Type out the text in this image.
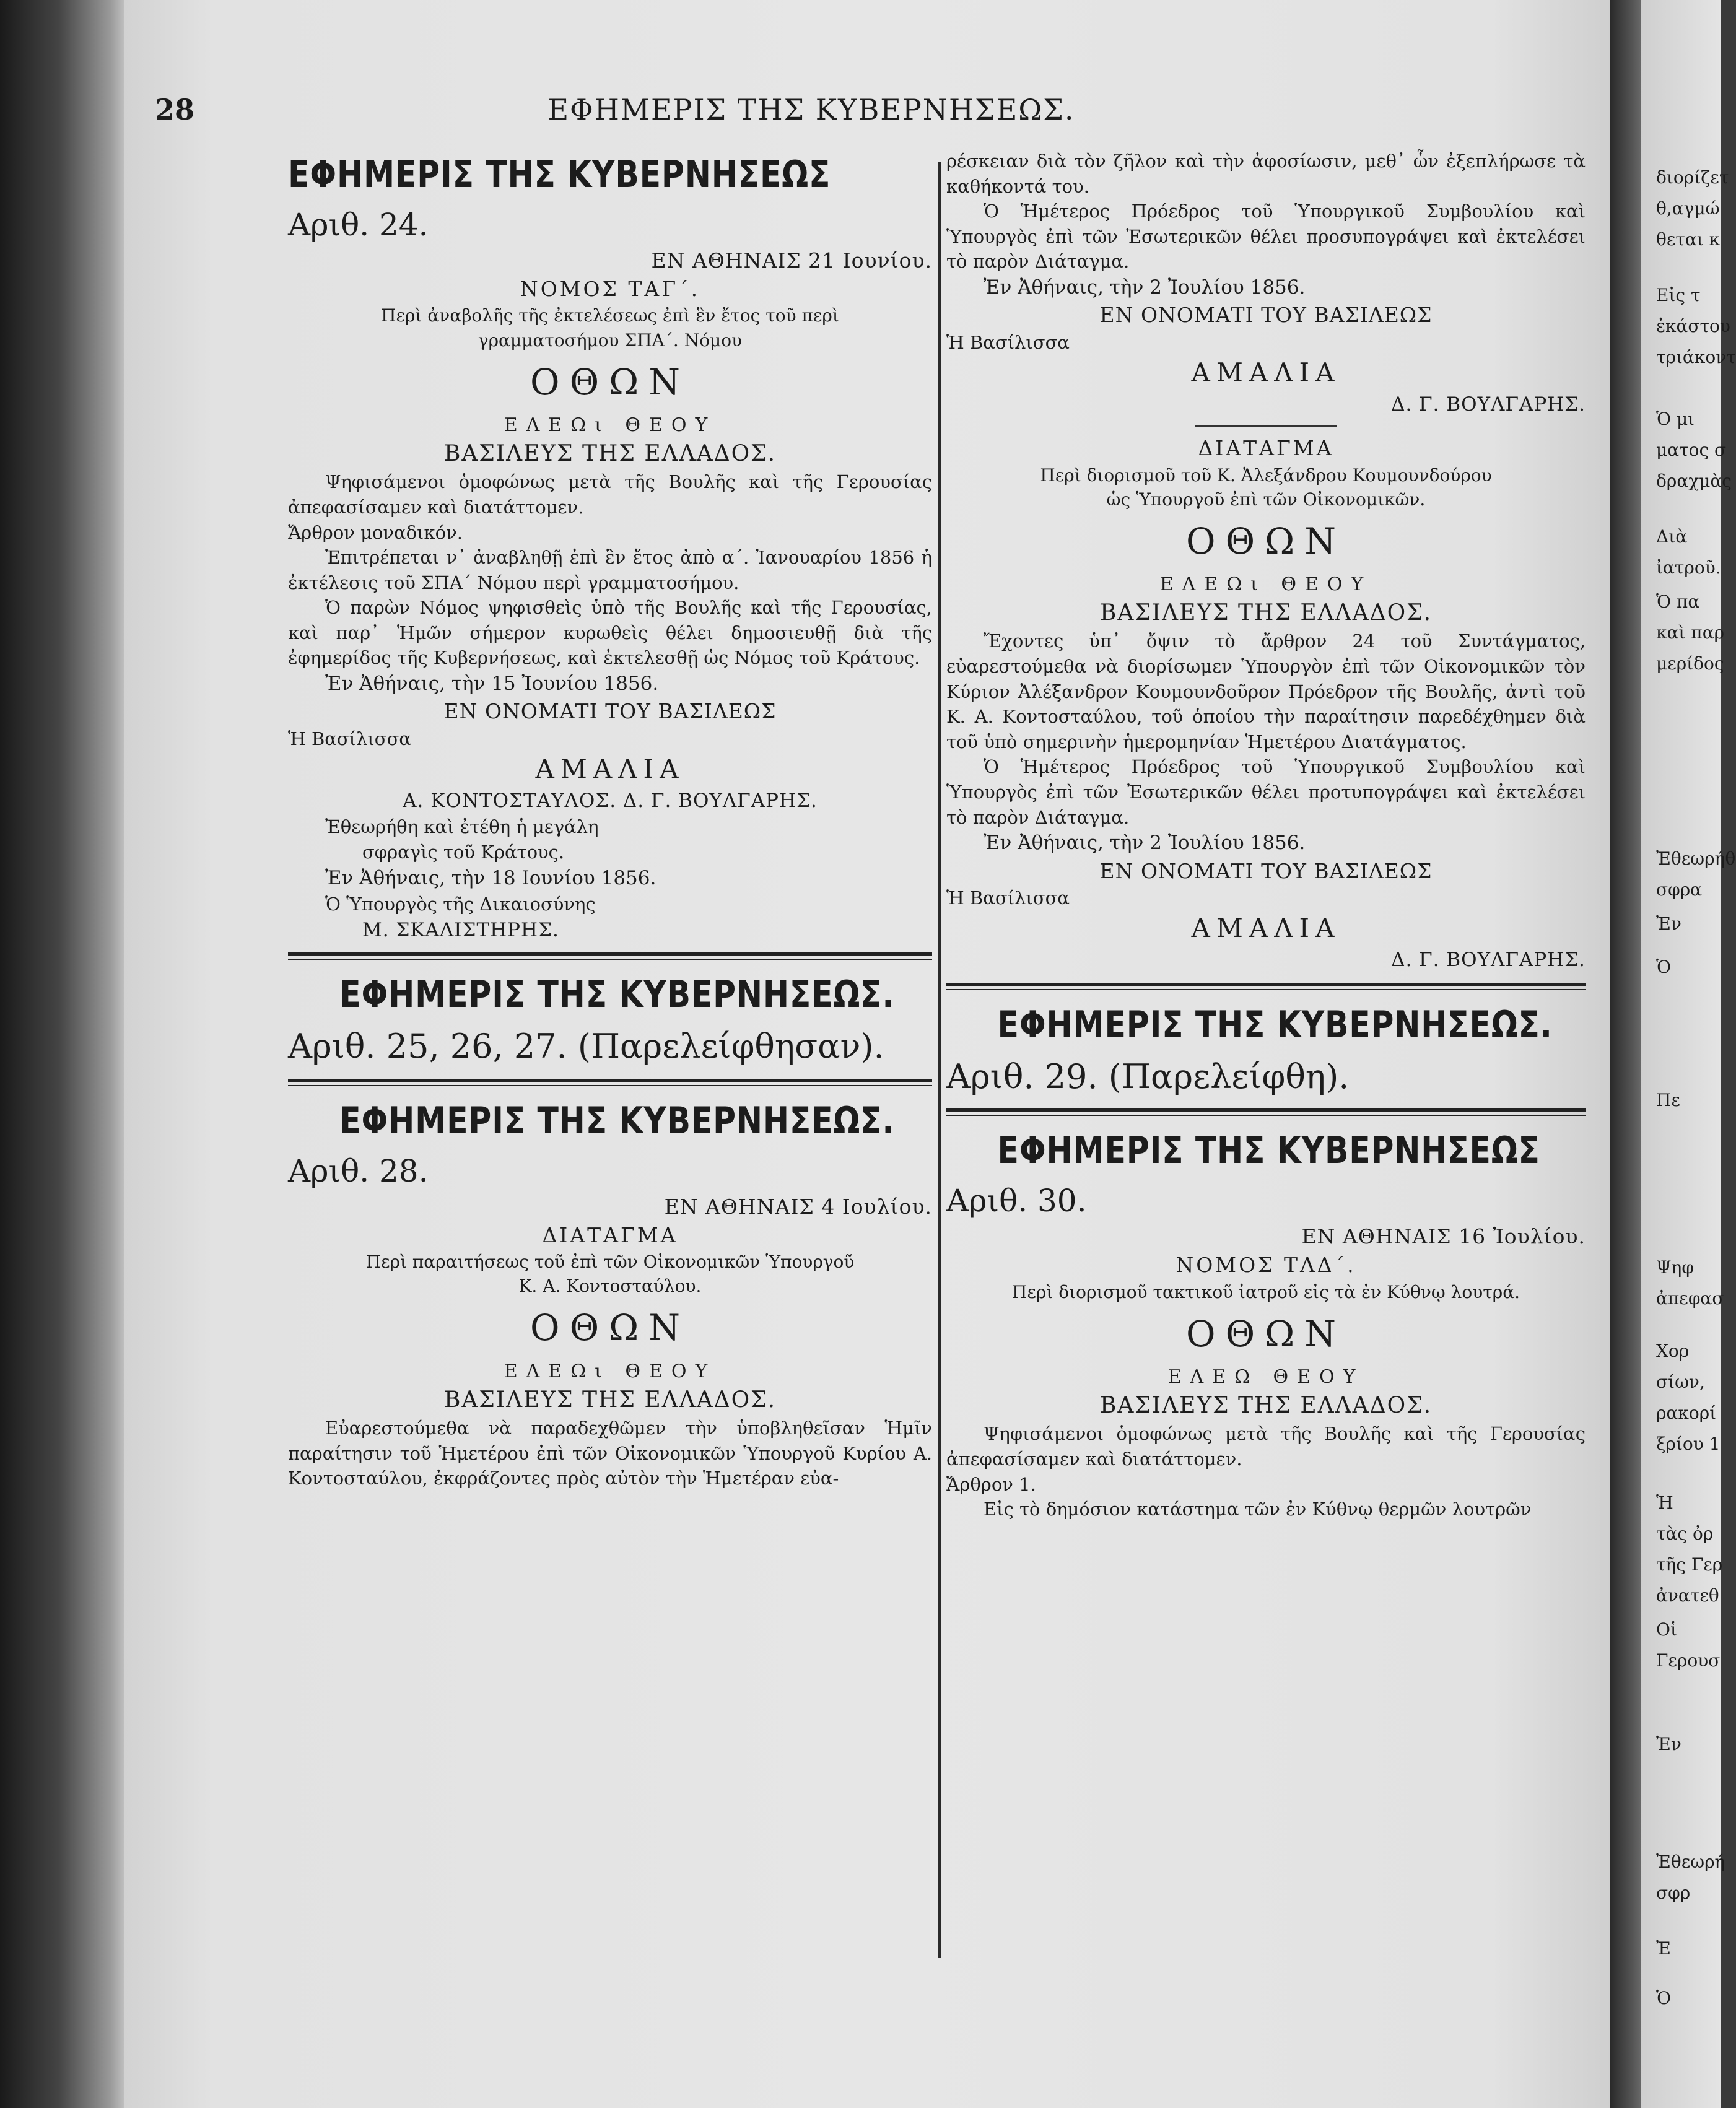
28	ΕΦΗΜΕΡΙΣ ΤΗΣ ΚΥΒΕΡΝΗΣΕΩΣ.
ΕΦΗΜΕΡΙΣ ΤΗΣ ΚΥΒΕΡΝΗΣΕΩΣ
Αριθ. 24.
ΕΝ ΑΘΗΝΑΙΣ 21 Ιουνίου.
ΝΟΜΟΣ ΤΑΓ΄.
Περὶ ἀναβολῆς τῆς ἐκτελέσεως ἐπὶ ἓν ἔτος τοῦ περὶ
γραμματοσήμου ΣΠΑ΄. Νόμου
ΟΘΩΝ
ΕΛΕΩι ΘΕΟΥ
ΒΑΣΙΛΕΥΣ ΤΗΣ ΕΛΛΑΔΟΣ.
Ψηφισάμενοι ὁμοφώνως μετὰ τῆς Βουλῆς καὶ τῆς Γερουσίας ἀπεφασίσαμεν καὶ διατάττομεν.
Ἄρθρον μοναδικόν.
Ἐπιτρέπεται ν᾽ ἀναβληθῇ ἐπὶ ἓν ἔτος ἀπὸ α΄. Ἰανουαρίου 1856 ἡ ἐκτέλεσις τοῦ ΣΠΑ΄ Νόμου περὶ γραμματοσήμου.
Ὁ παρὼν Νόμος ψηφισθεὶς ὑπὸ τῆς Βουλῆς καὶ τῆς Γερουσίας, καὶ παρ᾽ Ἡμῶν σήμερον κυρωθεὶς θέλει δημοσιευθῇ διὰ τῆς ἐφημερίδος τῆς Κυβερνήσεως, καὶ ἐκτελεσθῇ ὡς Νόμος τοῦ Κράτους.
Ἐν Ἀθήναις, τὴν 15 Ἰουνίου 1856.
ΕΝ ΟΝΟΜΑΤΙ ΤΟΥ ΒΑΣΙΛΕΩΣ
Ἡ Βασίλισσα
ΑΜΑΛΙΑ
Α. ΚΟΝΤΟΣΤΑΥΛΟΣ. Δ. Γ. ΒΟΥΛΓΑΡΗΣ.
Ἐθεωρήθη καὶ ἐτέθη ἡ μεγάλη
σφραγὶς τοῦ Κράτους.
Ἐν Ἀθήναις, τὴν 18 Ιουνίου 1856.
Ὁ Ὑπουργὸς τῆς Δικαιοσύνης
Μ. ΣΚΑΛΙΣΤΗΡΗΣ.
ΕΦΗΜΕΡΙΣ ΤΗΣ ΚΥΒΕΡΝΗΣΕΩΣ.
Αριθ. 25, 26, 27. (Παρελείφθησαν).
ΕΦΗΜΕΡΙΣ ΤΗΣ ΚΥΒΕΡΝΗΣΕΩΣ.
Αριθ. 28.
ΕΝ ΑΘΗΝΑΙΣ 4 Ιουλίου.
ΔΙΑΤΑΓΜΑ
Περὶ παραιτήσεως τοῦ ἐπὶ τῶν Οἰκονομικῶν Ὑπουργοῦ
Κ. Α. Κοντοσταύλου.
ΟΘΩΝ
ΕΛΕΩι ΘΕΟΥ
ΒΑΣΙΛΕΥΣ ΤΗΣ ΕΛΛΑΔΟΣ.
Εὐαρεστούμεθα νὰ παραδεχθῶμεν τὴν ὑποβληθεῖσαν Ἡμῖν παραίτησιν τοῦ Ἡμετέρου ἐπὶ τῶν Οἰκονομικῶν Ὑπουργοῦ Κυρίου Α. Κοντοσταύλου, ἐκφράζοντες πρὸς αὐτὸν τὴν Ἡμετέραν εὐα-
ρέσκειαν διὰ τὸν ζῆλον καὶ τὴν ἀφοσίωσιν, μεθ᾽ ὧν ἐξεπλήρωσε τὰ καθήκοντά του.
Ὁ Ἡμέτερος Πρόεδρος τοῦ Ὑπουργικοῦ Συμβουλίου καὶ Ὑπουργὸς ἐπὶ τῶν Ἐσωτερικῶν θέλει προσυπογράψει καὶ ἐκτελέσει τὸ παρὸν Διάταγμα.
Ἐν Ἀθήναις, τὴν 2 Ἰουλίου 1856.
ΕΝ ΟΝΟΜΑΤΙ ΤΟΥ ΒΑΣΙΛΕΩΣ
Ἡ Βασίλισσα
ΑΜΑΛΙΑ
Δ. Γ. ΒΟΥΛΓΑΡΗΣ.
ΔΙΑΤΑΓΜΑ
Περὶ διορισμοῦ τοῦ Κ. Ἀλεξάνδρου Κουμουνδούρου
ὡς Ὑπουργοῦ ἐπὶ τῶν Οἰκονομικῶν.
ΟΘΩΝ
ΕΛΕΩι ΘΕΟΥ
ΒΑΣΙΛΕΥΣ ΤΗΣ ΕΛΛΑΔΟΣ.
Ἔχοντες ὑπ᾽ ὄψιν τὸ ἄρθρον 24 τοῦ Συντάγματος, εὐαρεστούμεθα νὰ διορίσωμεν Ὑπουργὸν ἐπὶ τῶν Οἰκονομικῶν τὸν Κύριον Ἀλέξανδρον Κουμουνδοῦρον Πρόεδρον τῆς Βουλῆς, ἀντὶ τοῦ Κ. Α. Κοντοσταύλου, τοῦ ὁποίου τὴν παραίτησιν παρεδέχθημεν διὰ τοῦ ὑπὸ σημερινὴν ἡμερομηνίαν Ἡμετέρου Διατάγματος.
Ὁ Ἡμέτερος Πρόεδρος τοῦ Ὑπουργικοῦ Συμβουλίου καὶ Ὑπουργὸς ἐπὶ τῶν Ἐσωτερικῶν θέλει προτυπογράψει καὶ ἐκτελέσει τὸ παρὸν Διάταγμα.
Ἐν Ἀθήναις, τὴν 2 Ἰουλίου 1856.
ΕΝ ΟΝΟΜΑΤΙ ΤΟΥ ΒΑΣΙΛΕΩΣ
Ἡ Βασίλισσα
ΑΜΑΛΙΑ
Δ. Γ. ΒΟΥΛΓΑΡΗΣ.
ΕΦΗΜΕΡΙΣ ΤΗΣ ΚΥΒΕΡΝΗΣΕΩΣ.
Αριθ. 29. (Παρελείφθη).
ΕΦΗΜΕΡΙΣ ΤΗΣ ΚΥΒΕΡΝΗΣΕΩΣ
Αριθ. 30.
ΕΝ ΑΘΗΝΑΙΣ 16 Ἰουλίου.
ΝΟΜΟΣ ΤΛΔ΄.
Περὶ διορισμοῦ τακτικοῦ ἰατροῦ εἰς τὰ ἐν Κύθνῳ λουτρά.
ΟΘΩΝ
ΕΛΕΩ ΘΕΟΥ
ΒΑΣΙΛΕΥΣ ΤΗΣ ΕΛΛΑΔΟΣ.
Ψηφισάμενοι ὁμοφώνως μετὰ τῆς Βουλῆς καὶ τῆς Γερουσίας ἀπεφασίσαμεν καὶ διατάττομεν.
Ἄρθρον 1.
Εἰς τὸ δημόσιον κατάστημα τῶν ἐν Κύθνῳ θερμῶν λουτρῶν
διορίζετ
θ,αγμώ
θεται κ
Εἰς τ
ἐκάστου
τριάκοντ
Ὁ μι
ματος σ
δραχμὰς
Διὰ
ἰατροῦ.
Ὁ πα
καὶ παρ
μερίδος
Ἐθεωρήθ
σφρα
Ἐν
Ὁ
Πε
Ψηφ
ἀπεφασ
Χορ
σίων,
ρακορί
ξρίου 1
Ἡ
τὰς ὀρ
τῆς Γερ
ἀνατεθ
Οἱ
Γερουσ
Ἐν
Ἐθεωρή
σφρ
Ἐ
Ὁ
